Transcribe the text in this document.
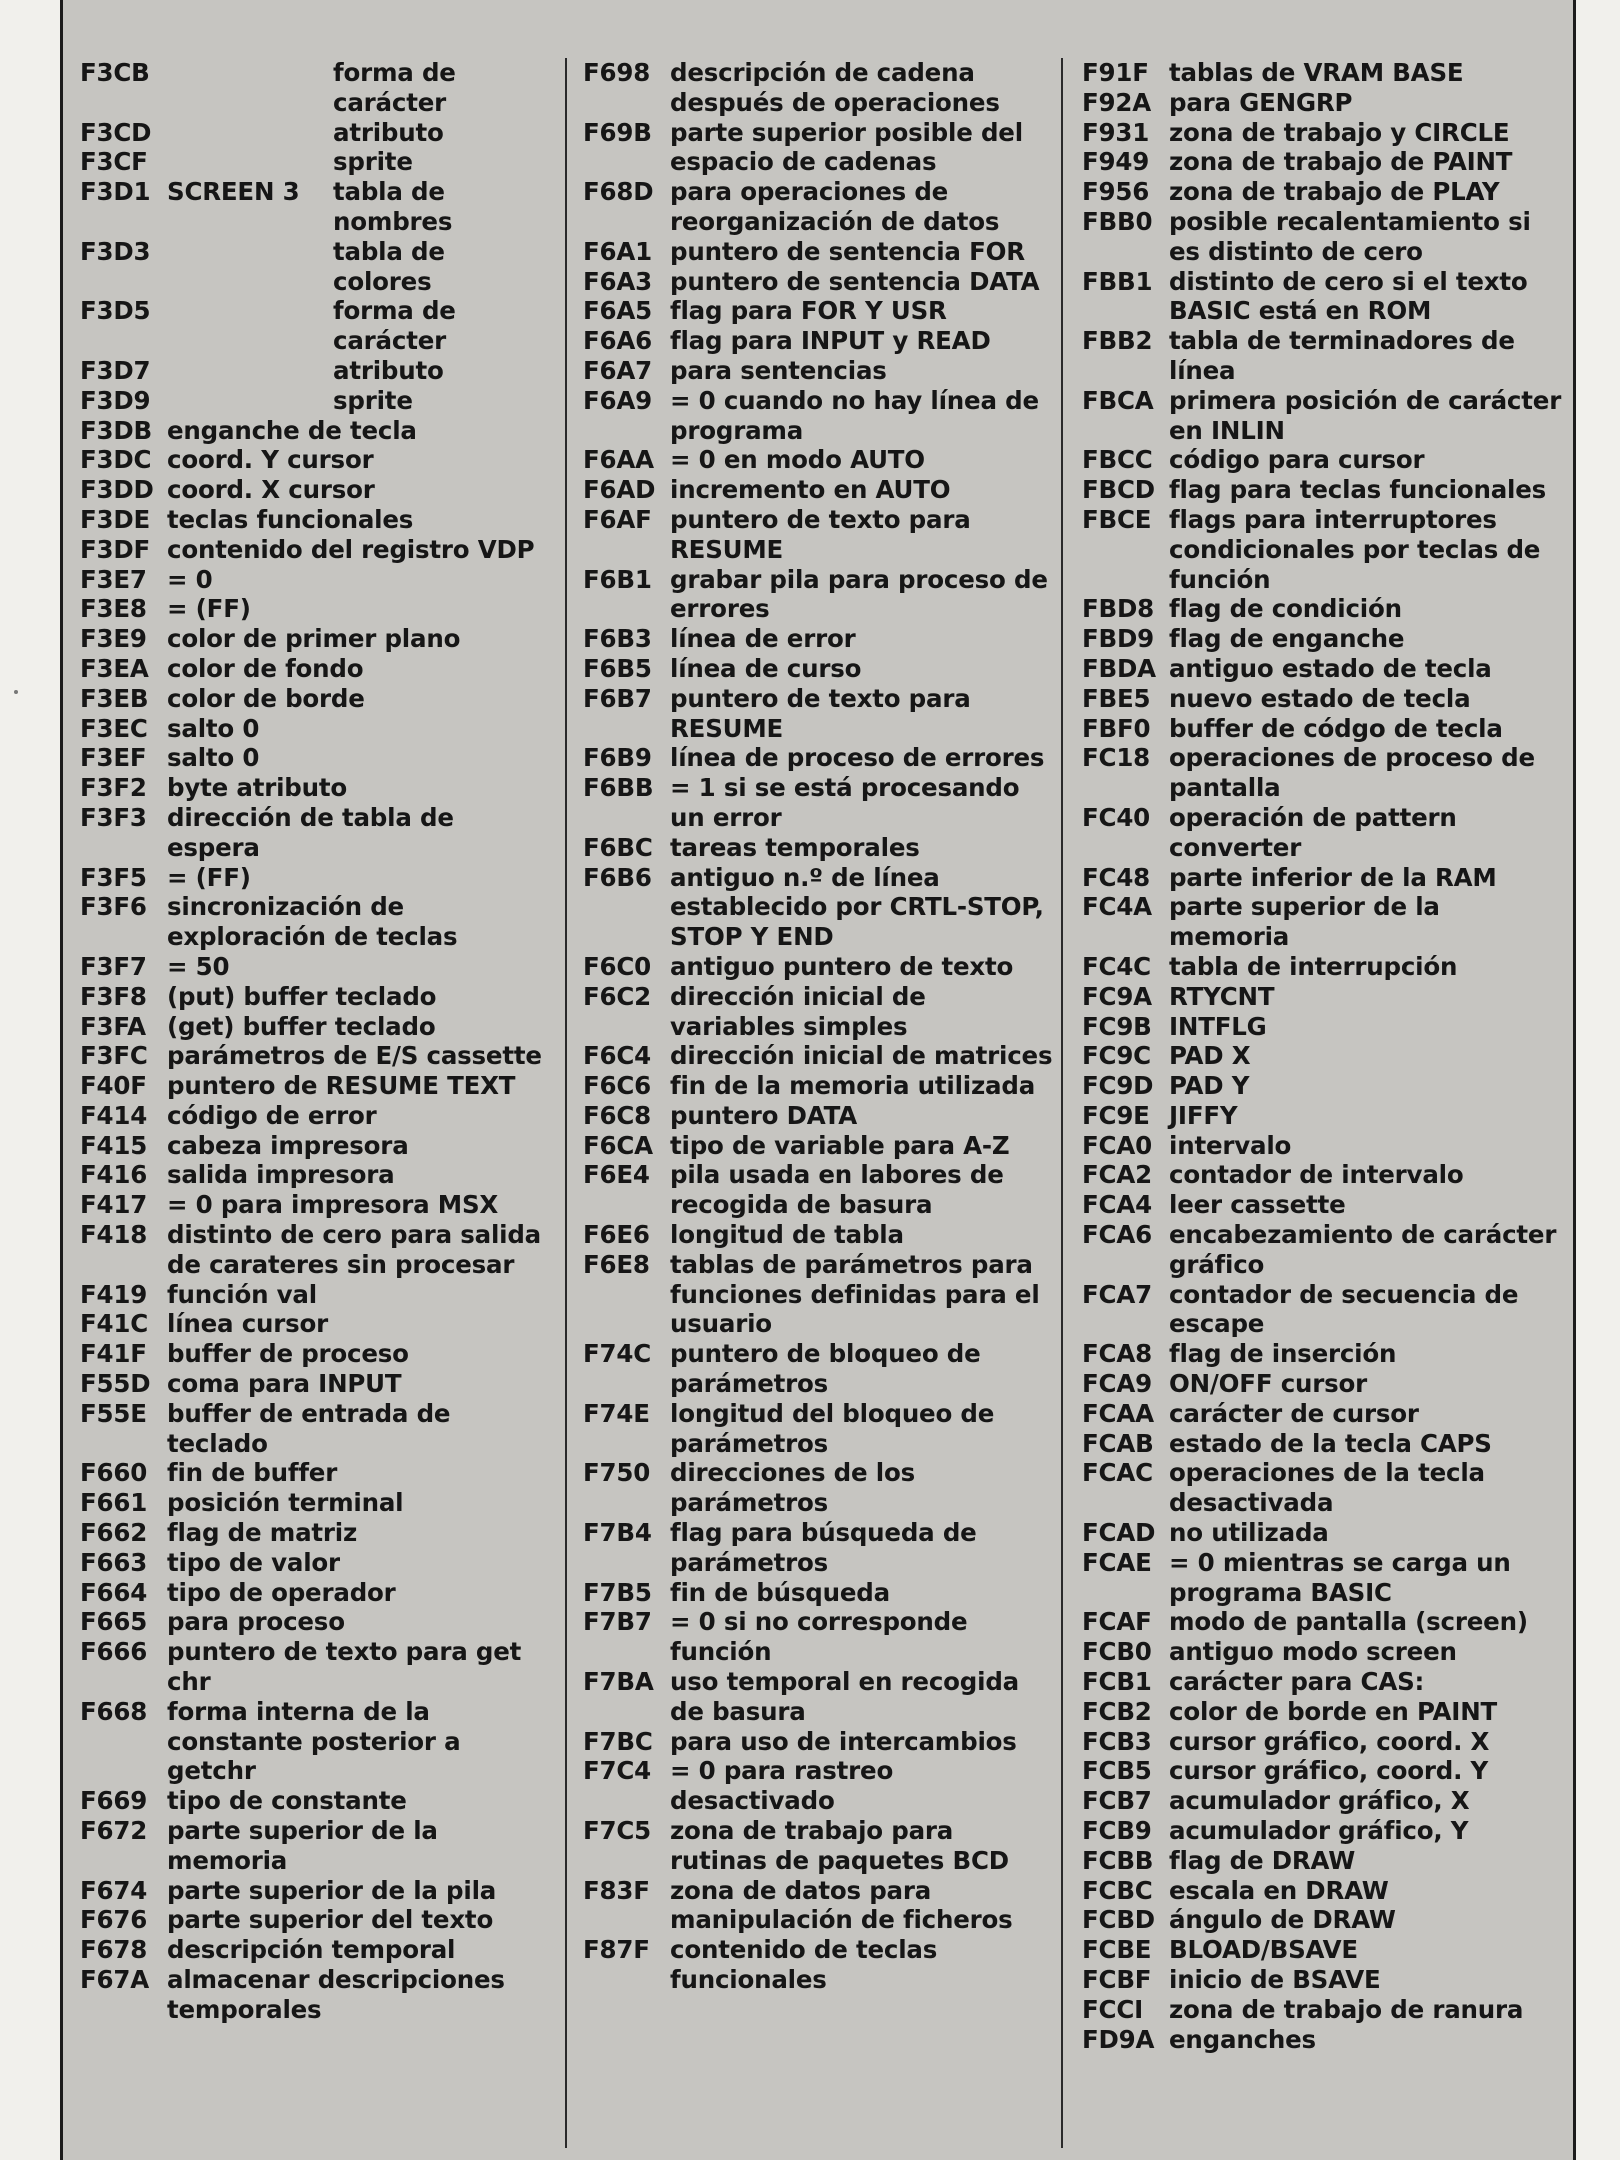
F3CB	forma de carácter
F3CD	atributo
F3CF	sprite
F3D1 SCREEN 3	tabla de nombres
F3D3	tabla de colores
F3D5	forma de carácter
F3D7	atributo
F3D9	sprite
F3DB enganche de tecla
F3DC coord. Y cursor
F3DD coord. X cursor
F3DE teclas funcionales
F3DF contenido del registro VDP
F3E7 = 0
F3E8 = (FF)
F3E9 color de primer plano
F3EA color de fondo
F3EB color de borde
F3EC salto 0
F3EF salto 0
F3F2 byte atributo
F3F3 dirección de tabla de espera
F3F5 = (FF)
F3F6 sincronización de exploración de teclas
F3F7 = 50
F3F8 (put) buffer teclado
F3FA (get) buffer teclado
F3FC parámetros de E/S cassette
F40F puntero de RESUME TEXT
F414 código de error
F415 cabeza impresora
F416 salida impresora
F417 = 0 para impresora MSX
F418 distinto de cero para salida de carateres sin procesar
F419 función val
F41C línea cursor
F41F buffer de proceso
F55D coma para INPUT
F55E buffer de entrada de teclado
F660 fin de buffer
F661 posición terminal
F662 flag de matriz
F663 tipo de valor
F664 tipo de operador
F665 para proceso
F666 puntero de texto para get chr
F668 forma interna de la constante posterior a getchr
F669 tipo de constante
F672 parte superior de la memoria
F674 parte superior de la pila
F676 parte superior del texto
F678 descripción temporal
F67A almacenar descripciones temporales
F698 descripción de cadena después de operaciones
F69B parte superior posible del espacio de cadenas
F68D para operaciones de reorganización de datos
F6A1 puntero de sentencia FOR
F6A3 puntero de sentencia DATA
F6A5 flag para FOR Y USR
F6A6 flag para INPUT y READ
F6A7 para sentencias
F6A9 = 0 cuando no hay línea de programa
F6AA = 0 en modo AUTO
F6AD incremento en AUTO
F6AF puntero de texto para RESUME
F6B1 grabar pila para proceso de errores
F6B3 línea de error
F6B5 línea de curso
F6B7 puntero de texto para RESUME
F6B9 línea de proceso de errores
F6BB = 1 si se está procesando un error
F6BC tareas temporales
F6B6 antiguo n.º de línea establecido por CRTL-STOP, STOP Y END
F6C0 antiguo puntero de texto
F6C2 dirección inicial de variables simples
F6C4 dirección inicial de matrices
F6C6 fin de la memoria utilizada
F6C8 puntero DATA
F6CA tipo de variable para A-Z
F6E4 pila usada en labores de recogida de basura
F6E6 longitud de tabla
F6E8 tablas de parámetros para funciones definidas para el usuario
F74C puntero de bloqueo de parámetros
F74E longitud del bloqueo de parámetros
F750 direcciones de los parámetros
F7B4 flag para búsqueda de parámetros
F7B5 fin de búsqueda
F7B7 = 0 si no corresponde función
F7BA uso temporal en recogida de basura
F7BC para uso de intercambios
F7C4 = 0 para rastreo desactivado
F7C5 zona de trabajo para rutinas de paquetes BCD
F83F zona de datos para manipulación de ficheros
F87F contenido de teclas funcionales
F91F tablas de VRAM BASE
F92A para GENGRP
F931 zona de trabajo y CIRCLE
F949 zona de trabajo de PAINT
F956 zona de trabajo de PLAY
FBB0 posible recalentamiento si es distinto de cero
FBB1 distinto de cero si el texto BASIC está en ROM
FBB2 tabla de terminadores de línea
FBCA primera posición de carácter en INLIN
FBCC código para cursor
FBCD flag para teclas funcionales
FBCE flags para interruptores condicionales por teclas de función
FBD8 flag de condición
FBD9 flag de enganche
FBDA antiguo estado de tecla
FBE5 nuevo estado de tecla
FBF0 buffer de códgo de tecla
FC18 operaciones de proceso de pantalla
FC40 operación de pattern converter
FC48 parte inferior de la RAM
FC4A parte superior de la memoria
FC4C tabla de interrupción
FC9A RTYCNT
FC9B INTFLG
FC9C PAD X
FC9D PAD Y
FC9E JIFFY
FCA0 intervalo
FCA2 contador de intervalo
FCA4 leer cassette
FCA6 encabezamiento de carácter gráfico
FCA7 contador de secuencia de escape
FCA8 flag de inserción
FCA9 ON/OFF cursor
FCAA carácter de cursor
FCAB estado de la tecla CAPS
FCAC operaciones de la tecla desactivada
FCAD no utilizada
FCAE = 0 mientras se carga un programa BASIC
FCAF modo de pantalla (screen)
FCB0 antiguo modo screen
FCB1 carácter para CAS:
FCB2 color de borde en PAINT
FCB3 cursor gráfico, coord. X
FCB5 cursor gráfico, coord. Y
FCB7 acumulador gráfico, X
FCB9 acumulador gráfico, Y
FCBB flag de DRAW
FCBC escala en DRAW
FCBD ángulo de DRAW
FCBE BLOAD/BSAVE
FCBF inicio de BSAVE
FCCI	zona de trabajo de ranura
FD9A enganches
